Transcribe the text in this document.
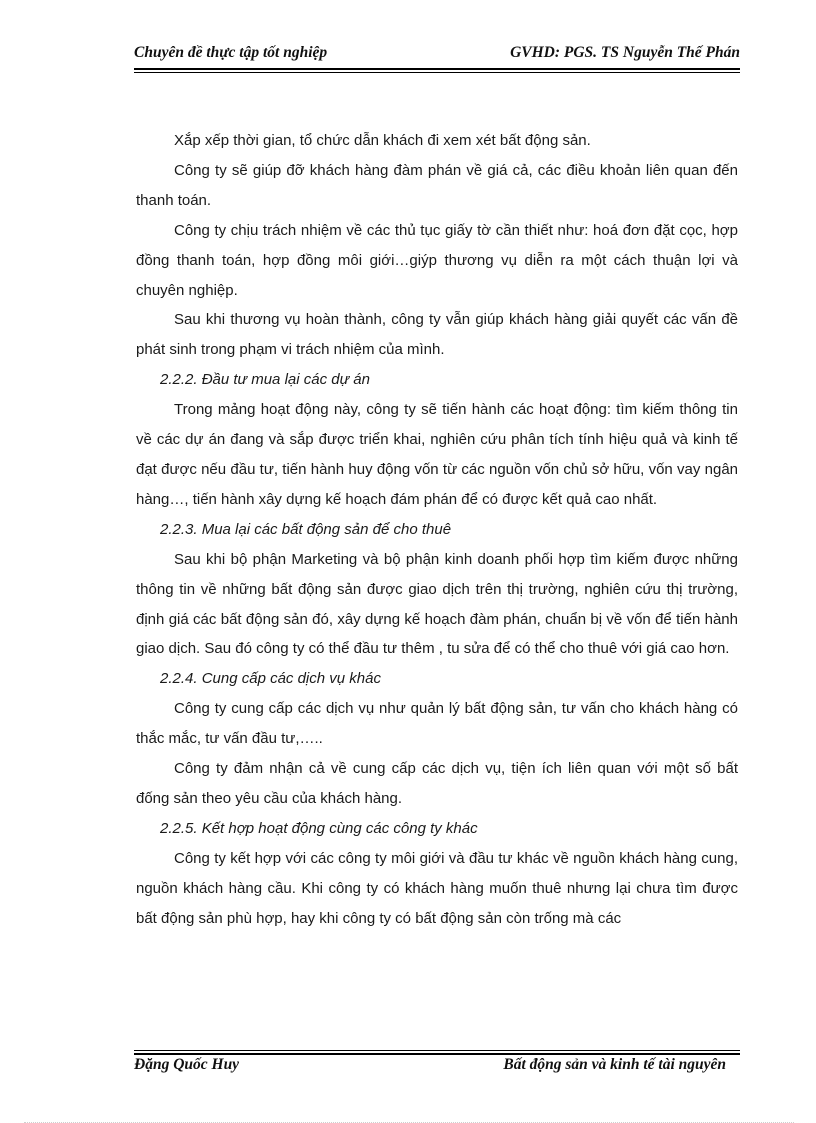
Chuyên đề thực tập tốt nghiệp	GVHD: PGS. TS Nguyễn Thế Phán

Xắp xếp thời gian, tổ chức dẫn khách đi xem xét bất động sản.

Công ty sẽ giúp đỡ khách hàng đàm phán về giá cả, các điều khoản liên quan đến thanh toán.

Công ty chịu trách nhiệm về các thủ tục giấy tờ cần thiết như: hoá đơn đặt cọc, hợp đồng thanh toán, hợp đồng môi giới…giýp thương vụ diễn ra một cách thuận lợi và chuyên nghiệp.

Sau khi thương vụ hoàn thành, công ty vẫn giúp khách hàng giải quyết các vấn đề phát sinh trong phạm vi trách nhiệm của mình.

2.2.2. Đầu tư mua lại các dự án

Trong mảng hoạt động này, công ty sẽ tiến hành các hoạt động: tìm kiếm thông tin về các dự án đang và sắp được triển khai, nghiên cứu phân tích tính hiệu quả và kinh tế đạt được nếu đầu tư, tiến hành huy động vốn từ các nguồn vốn chủ sở hữu, vốn vay ngân hàng…, tiến hành xây dựng kế hoạch đám phán để có được kết quả cao nhất.

2.2.3. Mua lại các bất động sản để cho thuê

Sau khi bộ phận Marketing và bộ phận kinh doanh phối hợp tìm kiếm được những thông tin về những bất động sản được giao dịch trên thị trường, nghiên cứu thị trường, định giá các bất động sản đó, xây dựng kế hoạch đàm phán, chuẩn bị về vốn để tiến hành giao dịch. Sau đó công ty có thể đầu tư thêm , tu sửa để có thể cho thuê với giá cao hơn.

2.2.4. Cung cấp các dịch vụ khác

Công ty cung cấp các dịch vụ như quản lý bất động sản, tư vấn cho khách hàng có thắc mắc, tư vấn đầu tư,…..

Công ty đảm nhận cả về cung cấp các dịch vụ, tiện ích liên quan với một số bất đống sản theo yêu cầu của khách hàng.

2.2.5. Kết hợp hoạt động cùng các công ty khác

Công ty kết hợp với các công ty môi giới và đầu tư khác về nguồn khách hàng cung, nguồn khách hàng cầu. Khi công ty có khách hàng muốn thuê nhưng lại chưa tìm được bất động sản phù hợp, hay khi công ty có bất động sản còn trống mà các

Đặng Quốc Huy	Bất động sản và kinh tế tài nguyên
